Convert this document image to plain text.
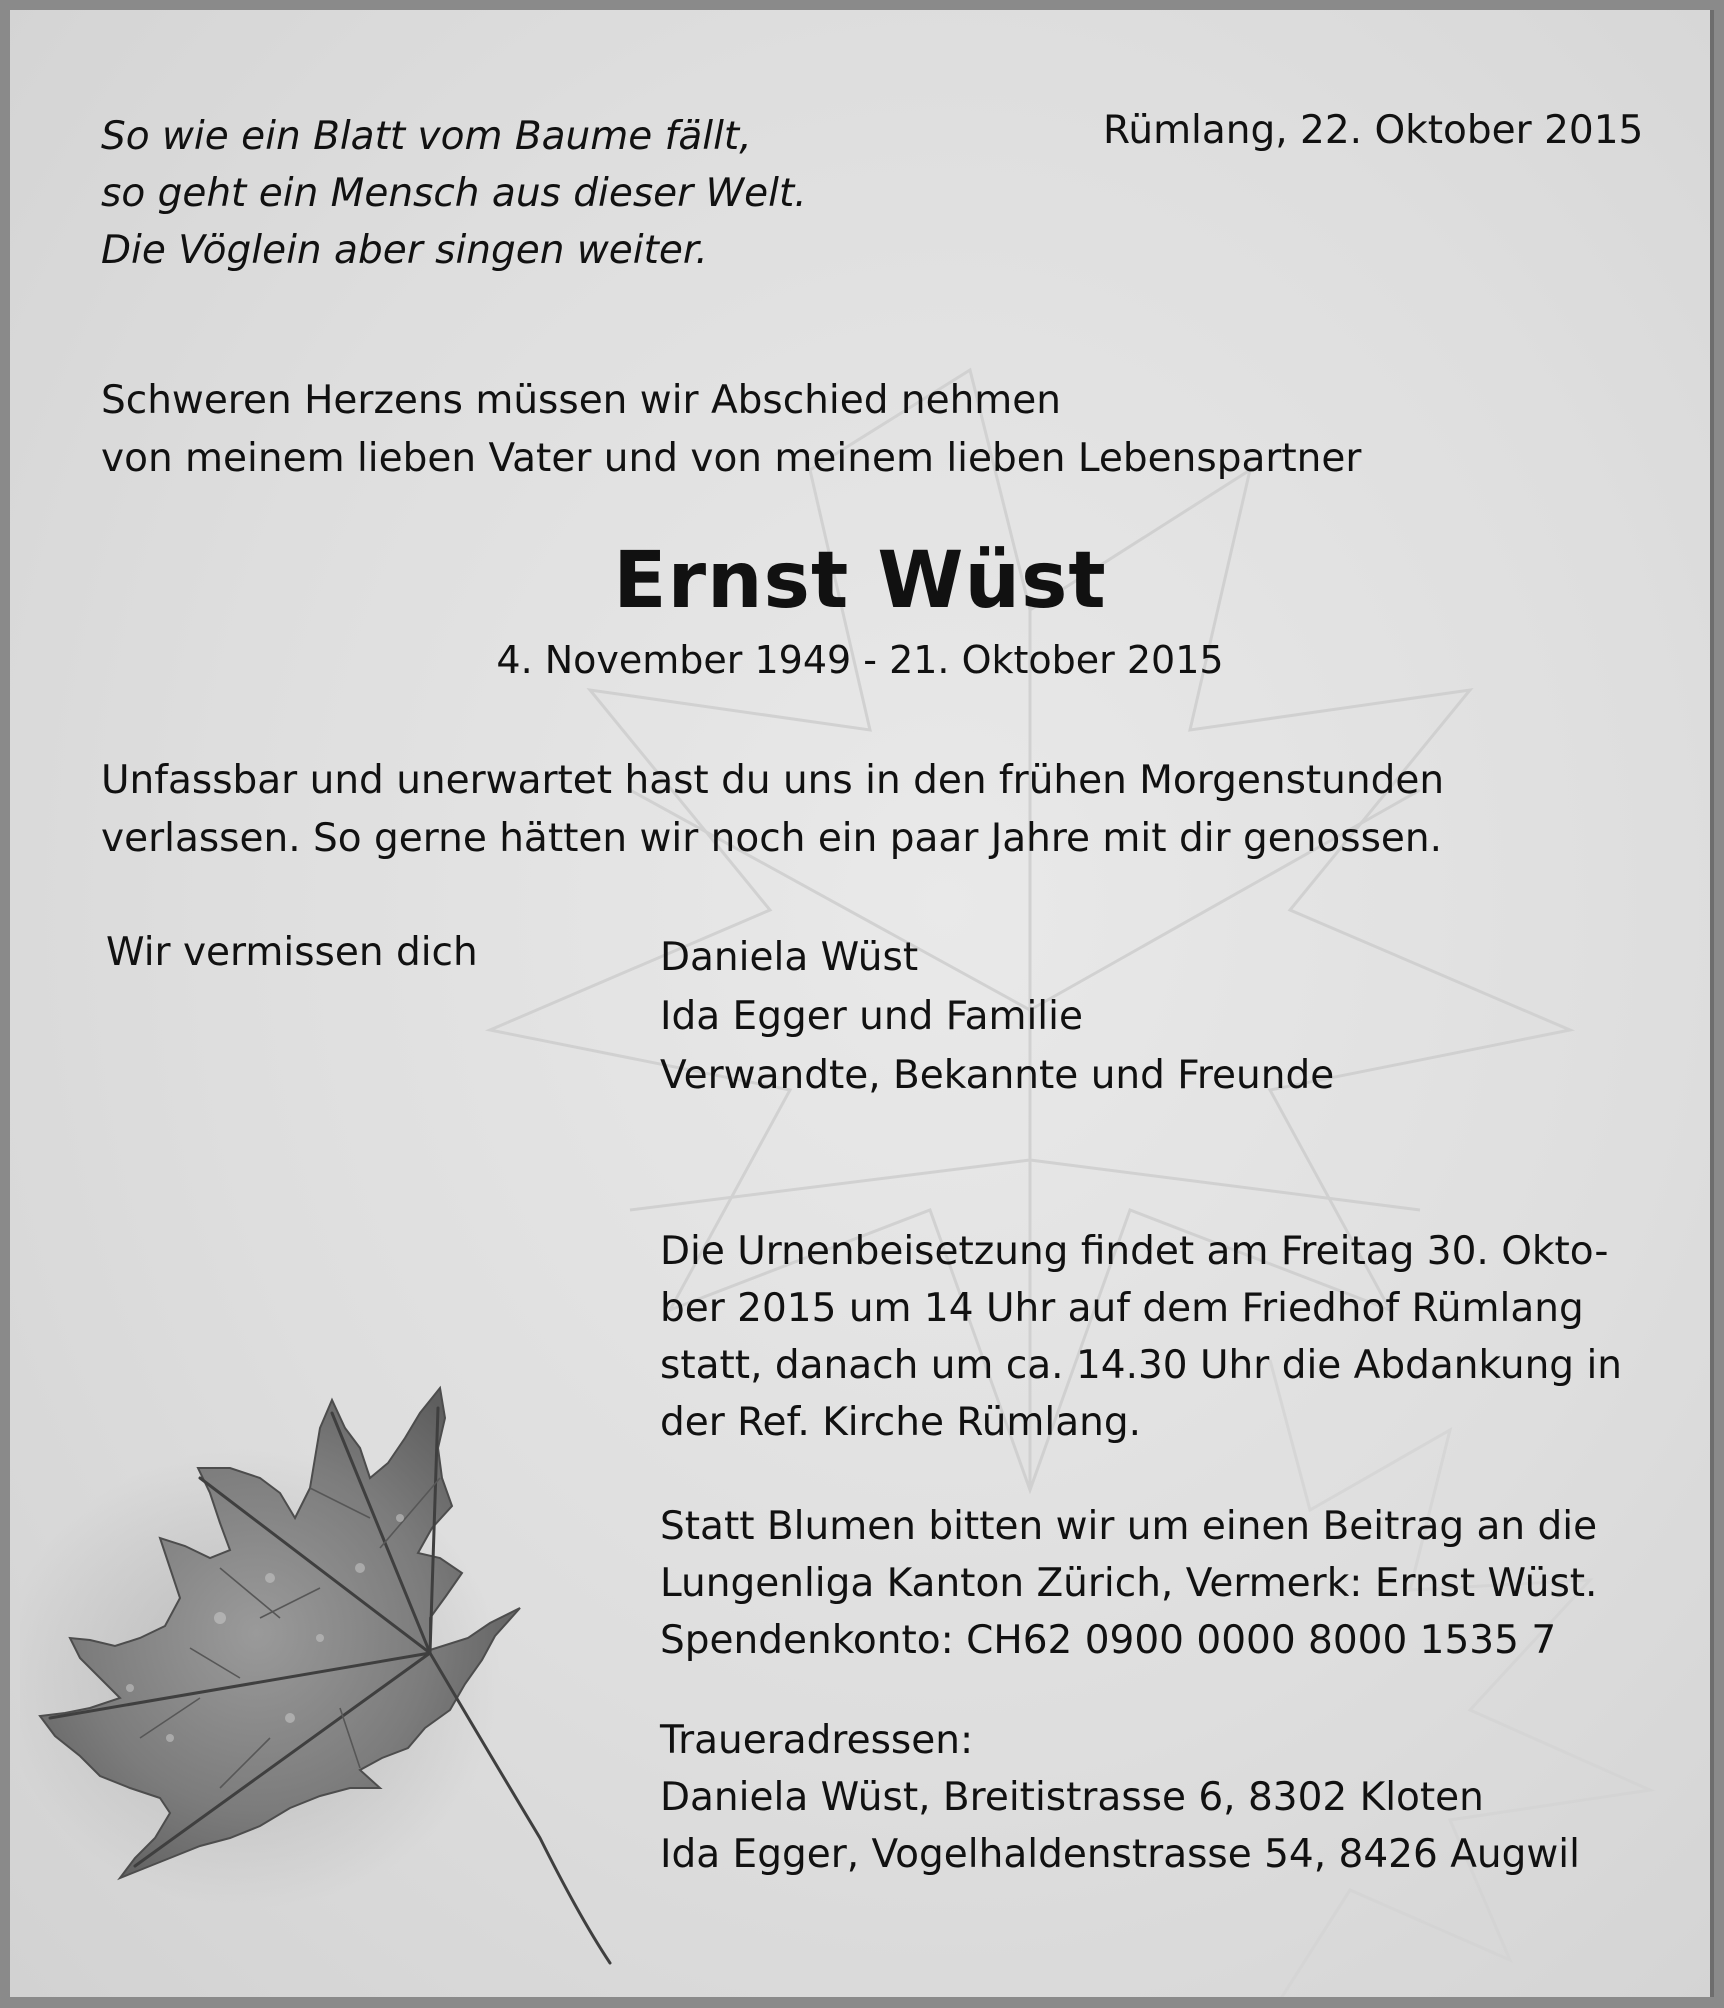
So wie ein Blatt vom Baume fällt,
so geht ein Mensch aus dieser Welt.
Die Vöglein aber singen weiter.
Rümlang, 22. Oktober 2015
Schweren Herzens müssen wir Abschied nehmen
von meinem lieben Vater und von meinem lieben Lebenspartner
Ernst Wüst
4. November 1949 - 21. Oktober 2015
Unfassbar und unerwartet hast du uns in den frühen Morgenstunden
verlassen. So gerne hätten wir noch ein paar Jahre mit dir genossen.
Wir vermissen dich	Daniela Wüst
Ida Egger und Familie
Verwandte, Bekannte und Freunde
Die Urnenbeisetzung findet am Freitag 30. Okto-
ber 2015 um 14 Uhr auf dem Friedhof Rümlang
statt, danach um ca. 14.30 Uhr die Abdankung in
der Ref. Kirche Rümlang.
Statt Blumen bitten wir um einen Beitrag an die
Lungenliga Kanton Zürich, Vermerk: Ernst Wüst.
Spendenkonto: CH62 0900 0000 8000 1535 7
Traueradressen:
Daniela Wüst, Breitistrasse 6, 8302 Kloten
Ida Egger, Vogelhaldenstrasse 54, 8426 Augwil
